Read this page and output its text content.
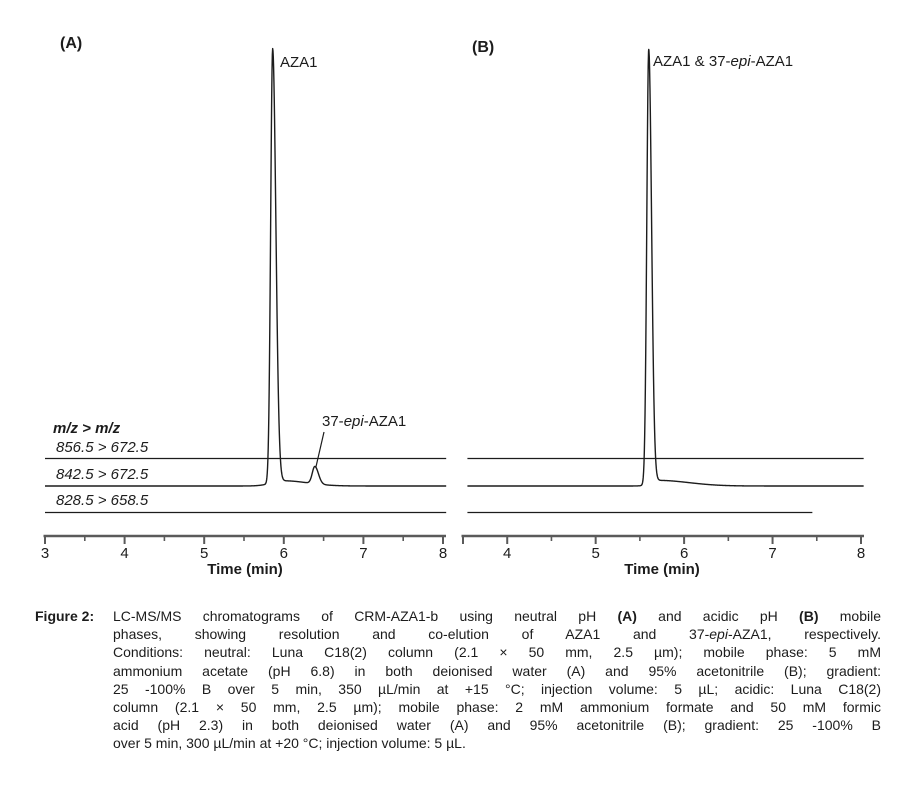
3	4	5	6	7	8	4	5	6	7	8
(A)	(B)
AZA1	AZA1 & 37-epi-AZA1
37-epi-AZA1
m/z > m/z
856.5 > 672.5
842.5 > 672.5
828.5 > 658.5
Time (min)	Time (min)
Figure 2: LC-MS/MS chromatograms of CRM-AZA1-b using neutral pH (A) and acidic pH (B) mobile
phases, showing resolution and co-elution of AZA1 and 37-epi-AZA1, respectively.
Conditions: neutral: Luna C18(2) column (2.1 × 50 mm, 2.5 µm); mobile phase: 5 mM
ammonium acetate (pH 6.8) in both deionised water (A) and 95% acetonitrile (B); gradient:
25 -100% B over 5 min, 350 µL/min at +15 °C; injection volume: 5 µL; acidic: Luna C18(2)
column (2.1 × 50 mm, 2.5 µm); mobile phase: 2 mM ammonium formate and 50 mM formic
acid (pH 2.3) in both deionised water (A) and 95% acetonitrile (B); gradient: 25 -100% B
over 5 min, 300 µL/min at +20 °C; injection volume: 5 µL.
